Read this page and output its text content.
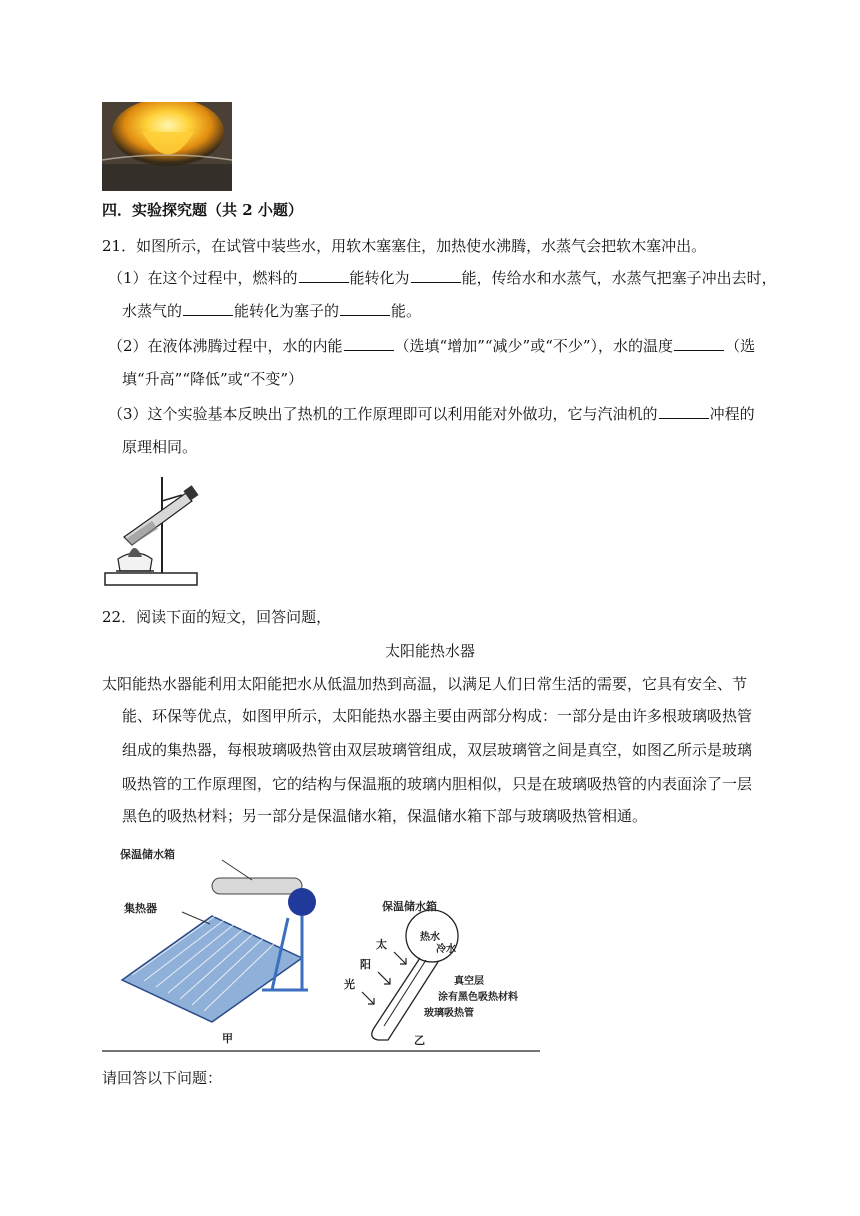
四．实验探究题（共 2 小题）
21．如图所示，在试管中装些水，用软木塞塞住，加热使水沸腾，水蒸气会把软木塞冲出。
（1）在这个过程中，燃料的	能转化为	能，传给水和水蒸气，水蒸气把塞子冲出去时，
水蒸气的	能转化为塞子的	能。
（2）在液体沸腾过程中，水的内能	（选填“增加”“减少”或“不少”），水的温度	（选
填“升高”“降低”或“不变”）
（3）这个实验基本反映出了热机的工作原理即可以利用能对外做功，它与汽油机的	冲程的
原理相同。
22．阅读下面的短文，回答问题，
太阳能热水器
太阳能热水器能利用太阳能把水从低温加热到高温，以满足人们日常生活的需要，它具有安全、节
能、环保等优点，如图甲所示，太阳能热水器主要由两部分构成：一部分是由许多根玻璃吸热管
组成的集热器，每根玻璃吸热管由双层玻璃管组成，双层玻璃管之间是真空，如图乙所示是玻璃
吸热管的工作原理图，它的结构与保温瓶的玻璃内胆相似，只是在玻璃吸热管的内表面涂了一层
黑色的吸热材料；另一部分是保温储水箱，保温储水箱下部与玻璃吸热管相通。
保温储水箱
集热器
甲
保温储水箱
热水
冷水
太
阳
光	真空层
涂有黑色吸热材料
玻璃吸热管
乙
请回答以下问题：
